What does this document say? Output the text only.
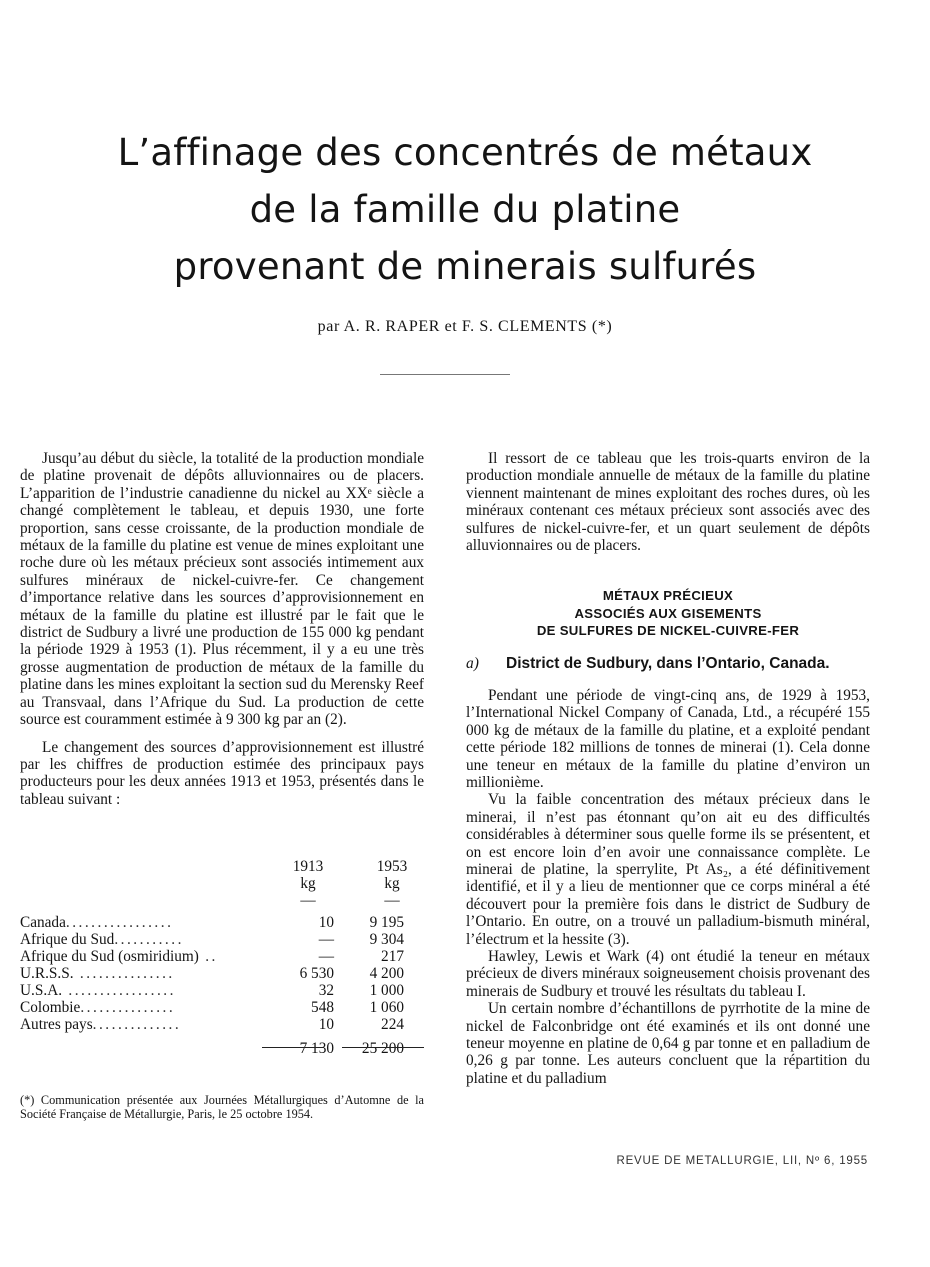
L’affinage des concentrés de métaux
de la famille du platine
provenant de minerais sulfurés
par A. R. RAPER et F. S. CLEMENTS (*)

Jusqu’au début du siècle, la totalité de la production mondiale de platine provenait de dépôts alluvionnaires ou de placers. L’apparition de l’industrie canadienne du nickel au XXᵉ siècle a changé complètement le tableau, et depuis 1930, une forte proportion, sans cesse croissante, de la production mondiale de métaux de la famille du platine est venue de mines exploitant une roche dure où les métaux précieux sont associés intimement aux sulfures minéraux de nickel-cuivre-fer. Ce changement d’importance relative dans les sources d’approvisionnement en métaux de la famille du platine est illustré par le fait que le district de Sudbury a livré une production de 155 000 kg pendant la période 1929 à 1953 (1). Plus récemment, il y a eu une très grosse augmentation de production de métaux de la famille du platine dans les mines exploitant la section sud du Merensky Reef au Transvaal, dans l’Afrique du Sud. La production de cette source est couramment estimée à 9 300 kg par an (2).

Le changement des sources d’approvisionnement est illustré par les chiffres de production estimée des principaux pays producteurs pour les deux années 1913 et 1953, présentés dans le tableau suivant :

	1913	1953
	kg	kg
	—	—
Canada.................	10	9 195
Afrique du Sud...........	—	9 304
Afrique du Sud (osmiridium) ..	—	217
U.R.S.S. ...............	6 530	4 200
U.S.A. .................	32	1 000
Colombie...............	548	1 060
Autres pays..............	10	224
	7 130	25 200
(*) Communication présentée aux Journées Métallurgiques d’Automne de la Société Française de Métallurgie, Paris, le 25 octobre 1954.

Il ressort de ce tableau que les trois-quarts environ de la production mondiale annuelle de métaux de la famille du platine viennent maintenant de mines exploitant des roches dures, où les minéraux contenant ces métaux précieux sont associés avec des sulfures de nickel-cuivre-fer, et un quart seulement de dépôts alluvionnaires ou de placers.

MÉTAUX PRÉCIEUX
ASSOCIÉS AUX GISEMENTS
DE SULFURES DE NICKEL-CUIVRE-FER
a)	District de Sudbury, dans l’Ontario, Canada.

Pendant une période de vingt-cinq ans, de 1929 à 1953, l’International Nickel Company of Canada, Ltd., a récupéré 155 000 kg de métaux de la famille du platine, et a exploité pendant cette période 182 millions de tonnes de minerai (1). Cela donne une teneur en métaux de la famille du platine d’environ un millionième.

Vu la faible concentration des métaux précieux dans le minerai, il n’est pas étonnant qu’on ait eu des difficultés considérables à déterminer sous quelle forme ils se présentent, et on est encore loin d’en avoir une connaissance complète. Le minerai de platine, la sperrylite, Pt As₂, a été définitivement identifié, et il y a lieu de mentionner que ce corps minéral a été découvert pour la première fois dans le district de Sudbury de l’Ontario. En outre, on a trouvé un palladium-bismuth minéral, l’électrum et la hessite (3).

Hawley, Lewis et Wark (4) ont étudié la teneur en métaux précieux de divers minéraux soigneusement choisis provenant des minerais de Sudbury et trouvé les résultats du tableau I.

Un certain nombre d’échantillons de pyrrhotite de la mine de nickel de Falconbridge ont été examinés et ils ont donné une teneur moyenne en platine de 0,64 g par tonne et en palladium de 0,26 g par tonne. Les auteurs concluent que la répartition du platine et du palladium

REVUE DE METALLURGIE, LII, Nº 6, 1955
